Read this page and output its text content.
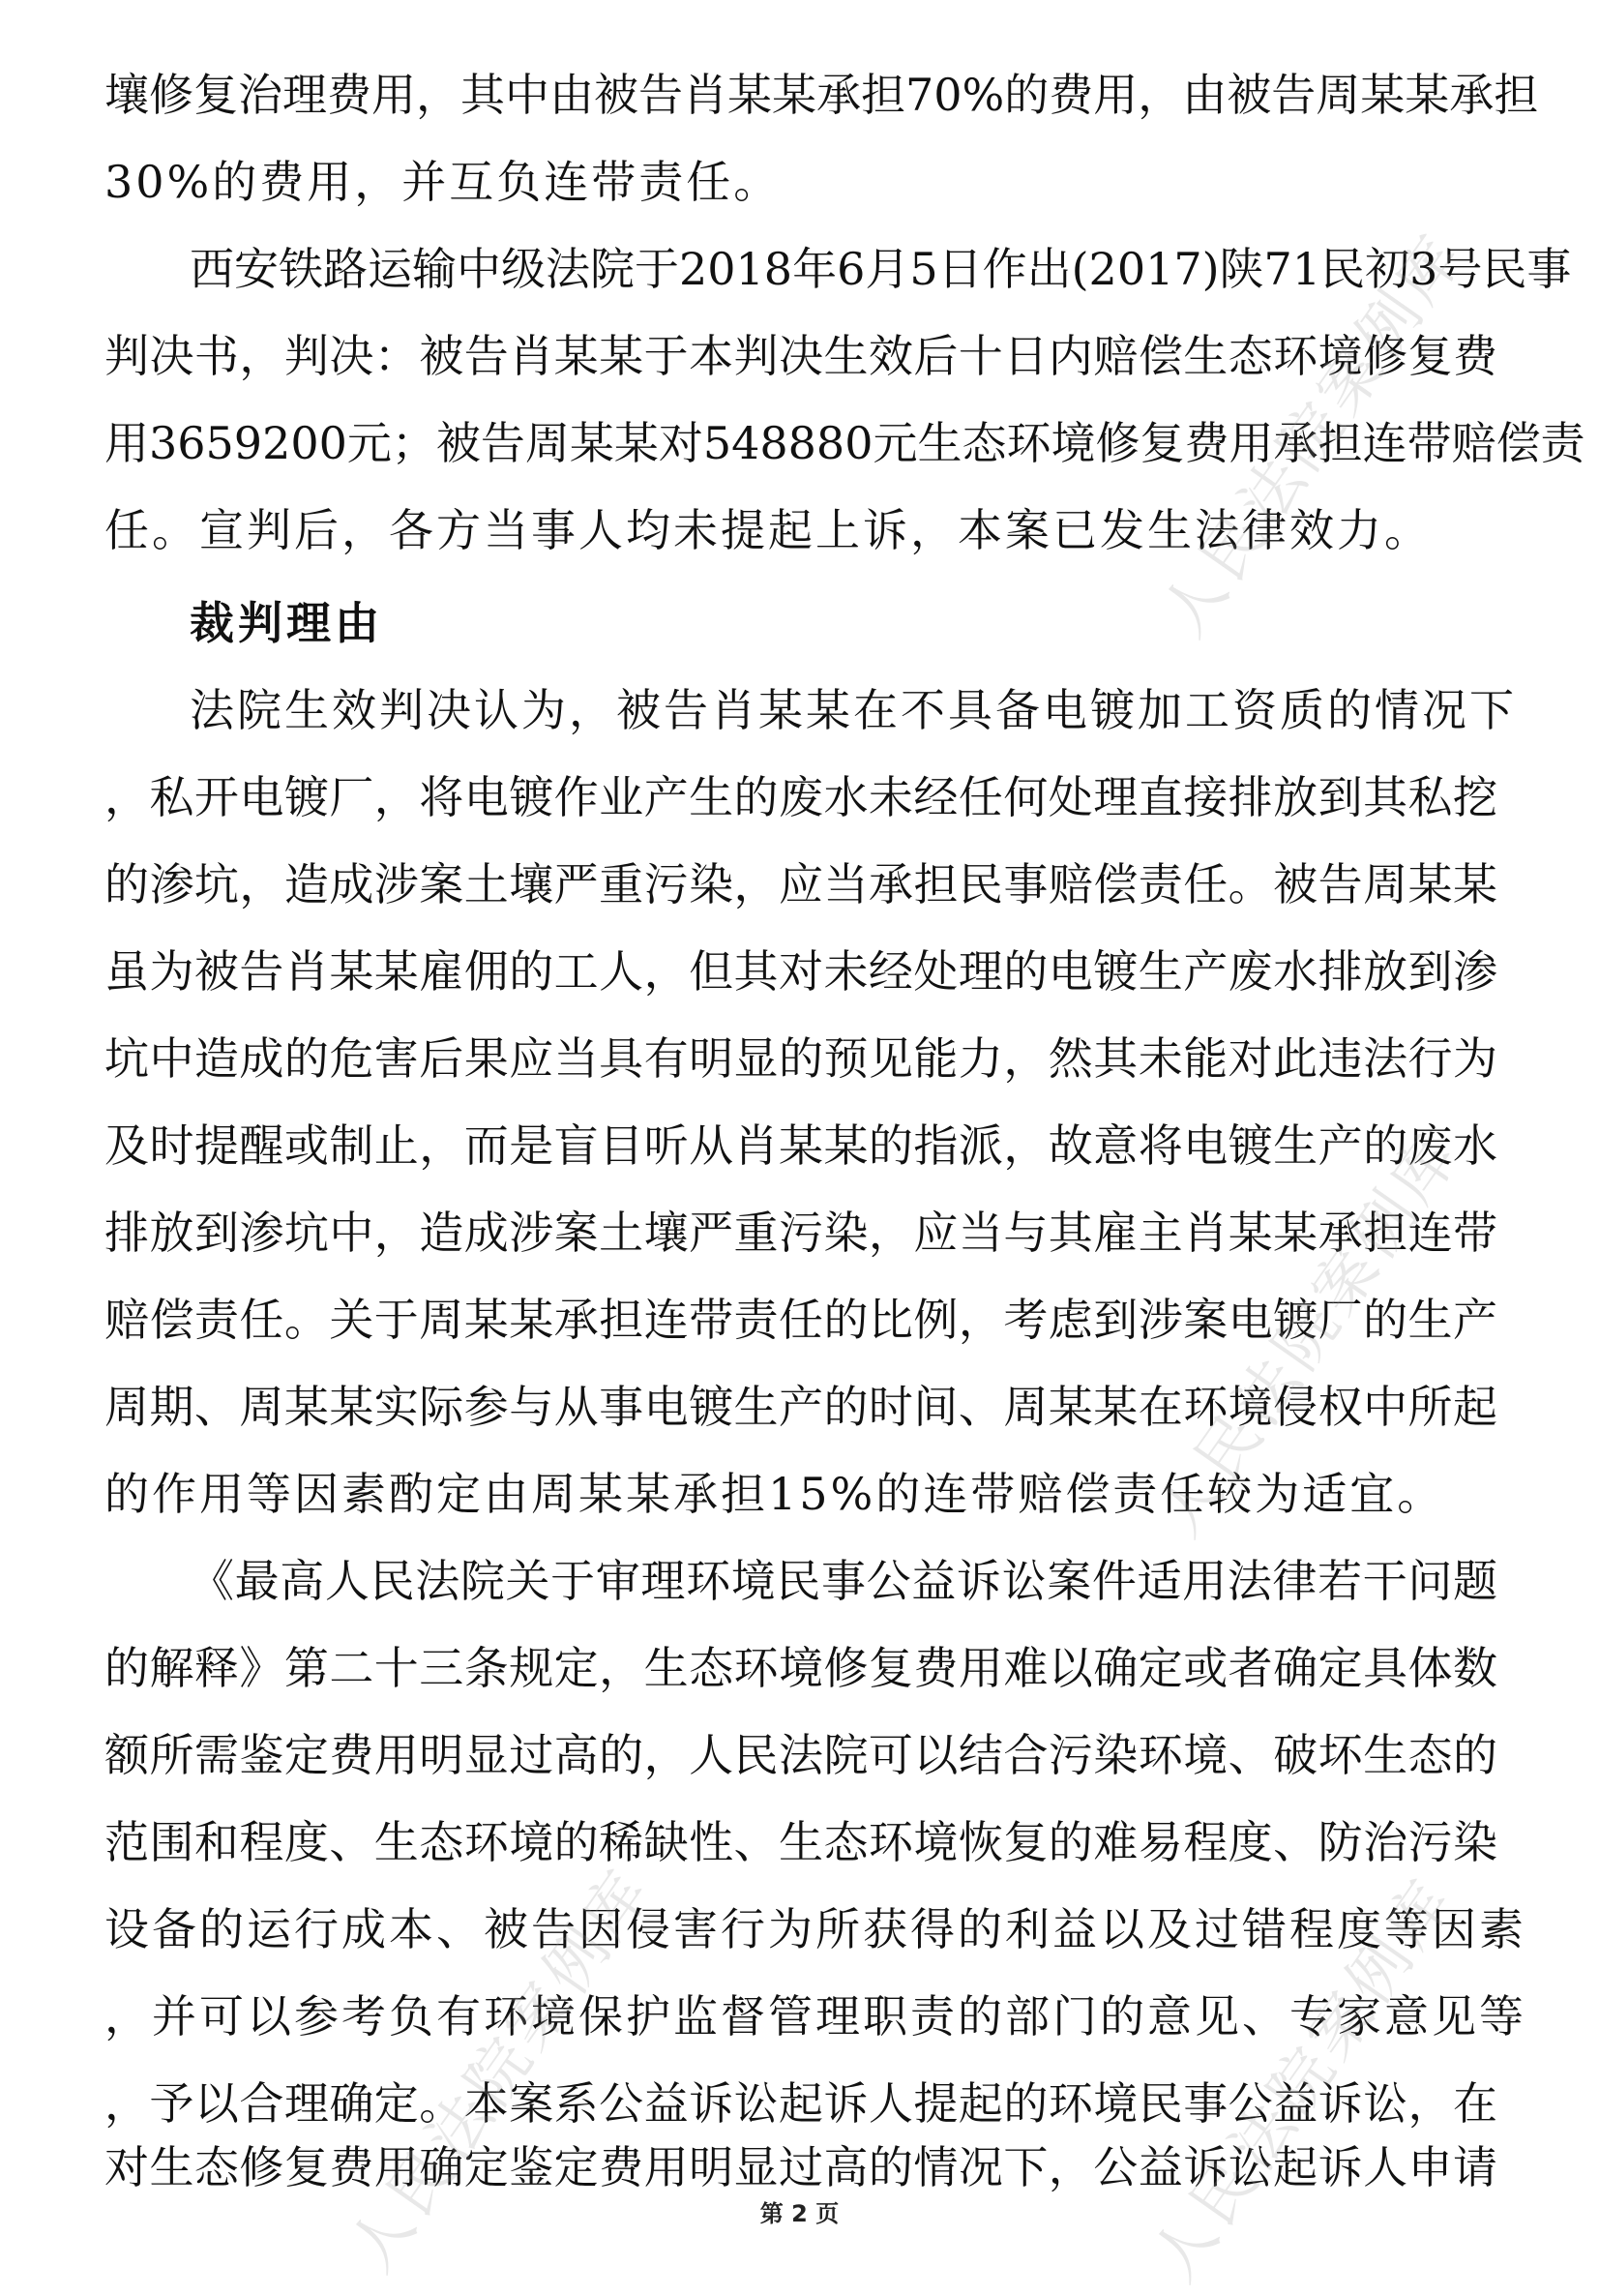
壤修复治理费用，其中由被告肖某某承担70%的费用，由被告周某某承担
30%的费用，并互负连带责任。
西安铁路运输中级法院于2018年6月5日作出(2017)陕71民初3号民事
判决书，判决：被告肖某某于本判决生效后十日内赔偿生态环境修复费
用3659200元；被告周某某对548880元生态环境修复费用承担连带赔偿责
任。宣判后，各方当事人均未提起上诉，本案已发生法律效力。
裁判理由
法院生效判决认为，被告肖某某在不具备电镀加工资质的情况下
，私开电镀厂，将电镀作业产生的废水未经任何处理直接排放到其私挖
的渗坑，造成涉案土壤严重污染，应当承担民事赔偿责任。被告周某某
虽为被告肖某某雇佣的工人，但其对未经处理的电镀生产废水排放到渗
坑中造成的危害后果应当具有明显的预见能力，然其未能对此违法行为
及时提醒或制止，而是盲目听从肖某某的指派，故意将电镀生产的废水
排放到渗坑中，造成涉案土壤严重污染，应当与其雇主肖某某承担连带
赔偿责任。关于周某某承担连带责任的比例，考虑到涉案电镀厂的生产
周期、周某某实际参与从事电镀生产的时间、周某某在环境侵权中所起
的作用等因素酌定由周某某承担15%的连带赔偿责任较为适宜。
《最高人民法院关于审理环境民事公益诉讼案件适用法律若干问题
的解释》第二十三条规定，生态环境修复费用难以确定或者确定具体数
额所需鉴定费用明显过高的，人民法院可以结合污染环境、破坏生态的
范围和程度、生态环境的稀缺性、生态环境恢复的难易程度、防治污染
设备的运行成本、被告因侵害行为所获得的利益以及过错程度等因素
，并可以参考负有环境保护监督管理职责的部门的意见、专家意见等
，予以合理确定。本案系公益诉讼起诉人提起的环境民事公益诉讼，在
对生态修复费用确定鉴定费用明显过高的情况下，公益诉讼起诉人申请
人民法院案例库
人民法院案例库
人民法院案例库	人民法院案例库
第 2 页
